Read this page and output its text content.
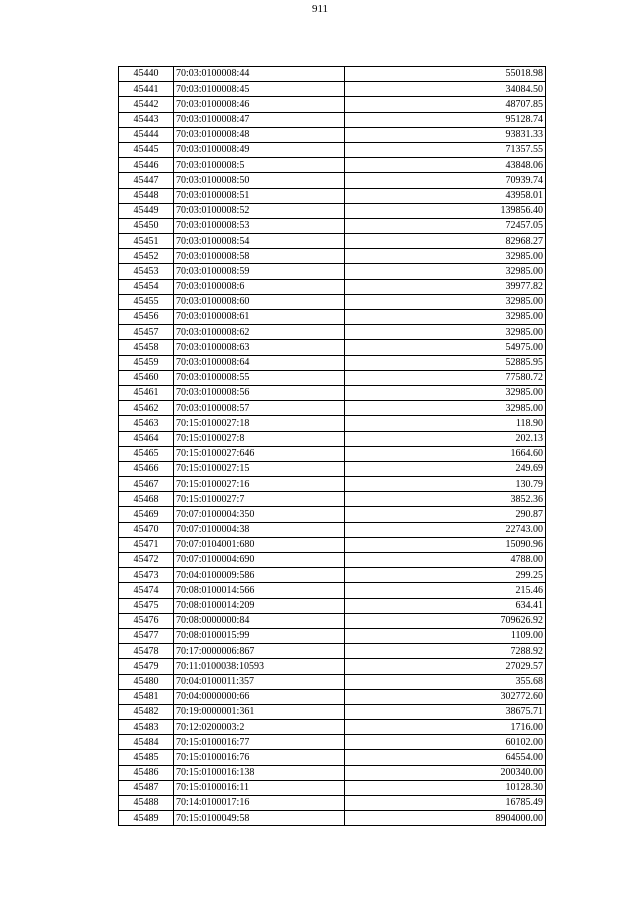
911
45440	70:03:0100008:44	55018.98
45441	70:03:0100008:45	34084.50
45442	70:03:0100008:46	48707.85
45443	70:03:0100008:47	95128.74
45444	70:03:0100008:48	93831.33
45445	70:03:0100008:49	71357.55
45446	70:03:0100008:5	43848.06
45447	70:03:0100008:50	70939.74
45448	70:03:0100008:51	43958.01
45449	70:03:0100008:52	139856.40
45450	70:03:0100008:53	72457.05
45451	70:03:0100008:54	82968.27
45452	70:03:0100008:58	32985.00
45453	70:03:0100008:59	32985.00
45454	70:03:0100008:6	39977.82
45455	70:03:0100008:60	32985.00
45456	70:03:0100008:61	32985.00
45457	70:03:0100008:62	32985.00
45458	70:03:0100008:63	54975.00
45459	70:03:0100008:64	52885.95
45460	70:03:0100008:55	77580.72
45461	70:03:0100008:56	32985.00
45462	70:03:0100008:57	32985.00
45463	70:15:0100027:18	118.90
45464	70:15:0100027:8	202.13
45465	70:15:0100027:646	1664.60
45466	70:15:0100027:15	249.69
45467	70:15:0100027:16	130.79
45468	70:15:0100027:7	3852.36
45469	70:07:0100004:350	290.87
45470	70:07:0100004:38	22743.00
45471	70:07:0104001:680	15090.96
45472	70:07:0100004:690	4788.00
45473	70:04:0100009:586	299.25
45474	70:08:0100014:566	215.46
45475	70:08:0100014:209	634.41
45476	70:08:0000000:84	709626.92
45477	70:08:0100015:99	1109.00
45478	70:17:0000006:867	7288.92
45479	70:11:0100038:10593	27029.57
45480	70:04:0100011:357	355.68
45481	70:04:0000000:66	302772.60
45482	70:19:0000001:361	38675.71
45483	70:12:0200003:2	1716.00
45484	70:15:0100016:77	60102.00
45485	70:15:0100016:76	64554.00
45486	70:15:0100016:138	200340.00
45487	70:15:0100016:11	10128.30
45488	70:14:0100017:16	16785.49
45489	70:15:0100049:58	8904000.00
